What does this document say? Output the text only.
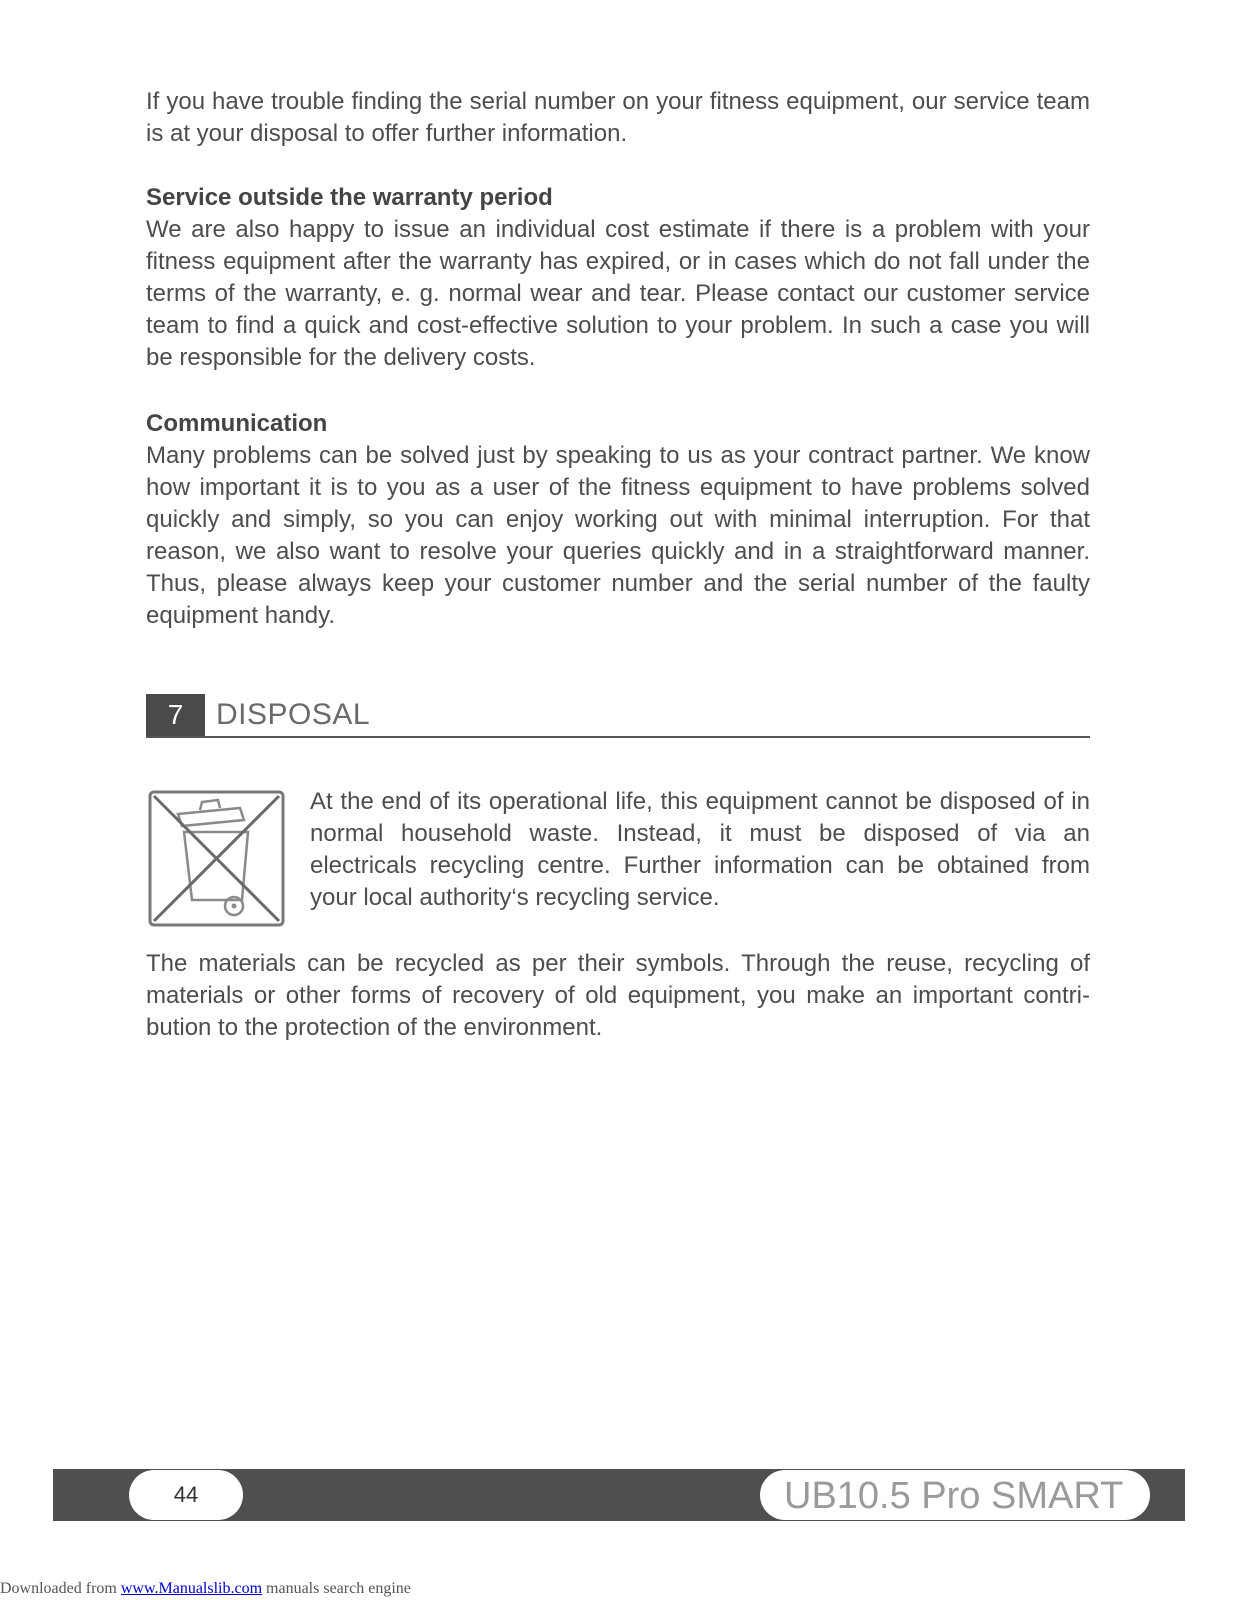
If you have trouble finding the serial number on your fitness equipment, our service team is at your disposal to offer further information.

Service outside the warranty period

We are also happy to issue an individual cost estimate if there is a problem with your fitness equipment after the warranty has expired, or in cases which do not fall under the terms of the warranty, e. g. normal wear and tear. Please contact our customer service team to find a quick and cost-effective solution to your problem. In such a case you will be responsible for the delivery costs.

Communication

Many problems can be solved just by speaking to us as your contract partner. We know how important it is to you as a user of the fitness equipment to have problems solved quickly and simply, so you can enjoy working out with minimal interruption. For that reason, we also want to resolve your queries quickly and in a straightforward manner. Thus, please always keep your customer number and the serial number of the faulty equipment handy.

7	DISPOSAL

At the end of its operational life, this equipment cannot be disposed of in normal household waste. Instead, it must be disposed of via an electricals recycling centre. Further information can be obtained from your local authority‘s recycling service.

The materials can be recycled as per their symbols. Through the reuse, recycling of materials or other forms of recovery of old equipment, you make an important contri-bution to the protection of the environment.

44	UB10.5 Pro SMART
Downloaded from www.Manualslib.com manuals search engine
